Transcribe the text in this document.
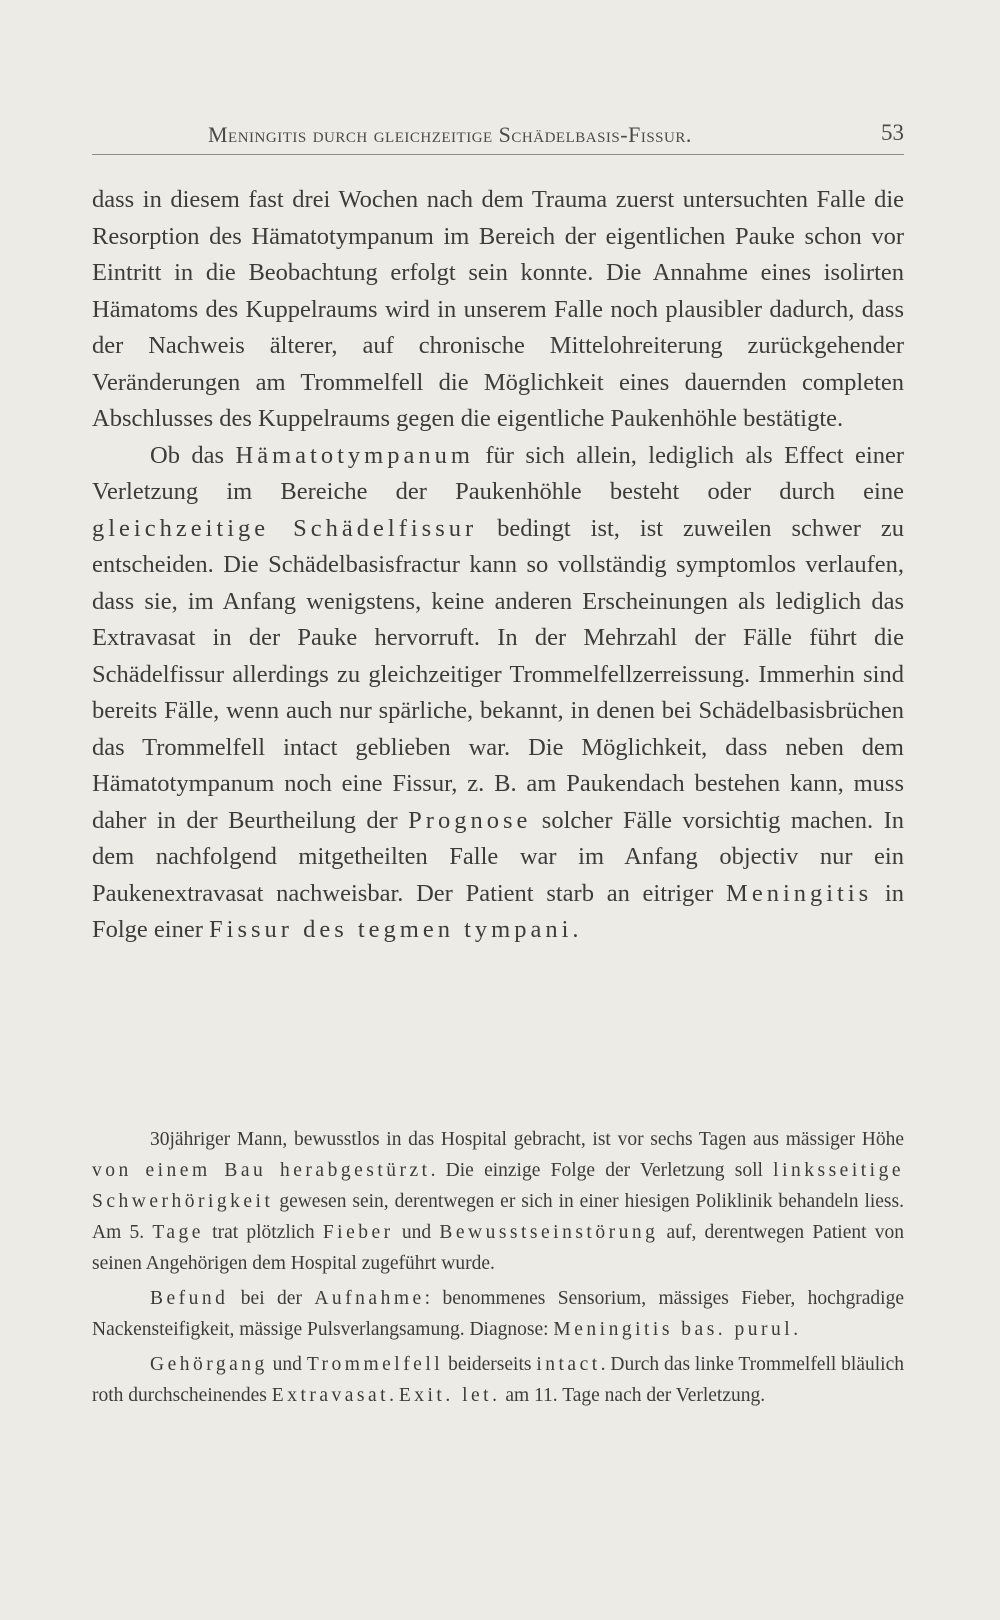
Meningitis durch gleichzeitige Schädelbasis-Fissur.	53

dass in diesem fast drei Wochen nach dem Trauma zuerst untersuchten Falle die Resorption des Hämatotympanum im Bereich der eigentlichen Pauke schon vor Eintritt in die Beobachtung erfolgt sein konnte. Die Annahme eines isolirten Hämatoms des Kuppelraums wird in unserem Falle noch plausibler dadurch, dass der Nachweis älterer, auf chronische Mittelohreiterung zurückgehender Veränderungen am Trommelfell die Möglichkeit eines dauernden completen Abschlusses des Kuppelraums gegen die eigentliche Paukenhöhle bestätigte.

Ob das Hämatotympanum für sich allein, lediglich als Effect einer Verletzung im Bereiche der Paukenhöhle besteht oder durch eine gleichzeitige Schädelfissur bedingt ist, ist zuweilen schwer zu entscheiden. Die Schädelbasisfractur kann so vollständig symptomlos verlaufen, dass sie, im Anfang wenigstens, keine anderen Erscheinungen als lediglich das Extravasat in der Pauke hervorruft. In der Mehrzahl der Fälle führt die Schädelfissur allerdings zu gleichzeitiger Trommelfellzerreissung. Immerhin sind bereits Fälle, wenn auch nur spärliche, bekannt, in denen bei Schädelbasisbrüchen das Trommelfell intact geblieben war. Die Möglichkeit, dass neben dem Hämatotympanum noch eine Fissur, z. B. am Paukendach bestehen kann, muss daher in der Beurtheilung der Prognose solcher Fälle vorsichtig machen. In dem nachfolgend mitgetheilten Falle war im Anfang objectiv nur ein Paukenextravasat nachweisbar. Der Patient starb an eitriger Meningitis in Folge einer Fissur des tegmen tympani.

30jähriger Mann, bewusstlos in das Hospital gebracht, ist vor sechs Tagen aus mässiger Höhe von einem Bau herabgestürzt. Die einzige Folge der Verletzung soll linksseitige Schwerhörigkeit gewesen sein, derentwegen er sich in einer hiesigen Poliklinik behandeln liess. Am 5. Tage trat plötzlich Fieber und Bewusstseinstörung auf, derentwegen Patient von seinen Angehörigen dem Hospital zugeführt wurde.

Befund bei der Aufnahme: benommenes Sensorium, mässiges Fieber, hochgradige Nackensteifigkeit, mässige Pulsverlangsamung. Diagnose: Meningitis bas. purul.

Gehörgang und Trommelfell beiderseits intact. Durch das linke Trommelfell bläulich roth durchscheinendes Extravasat. Exit. let. am 11. Tage nach der Verletzung.
